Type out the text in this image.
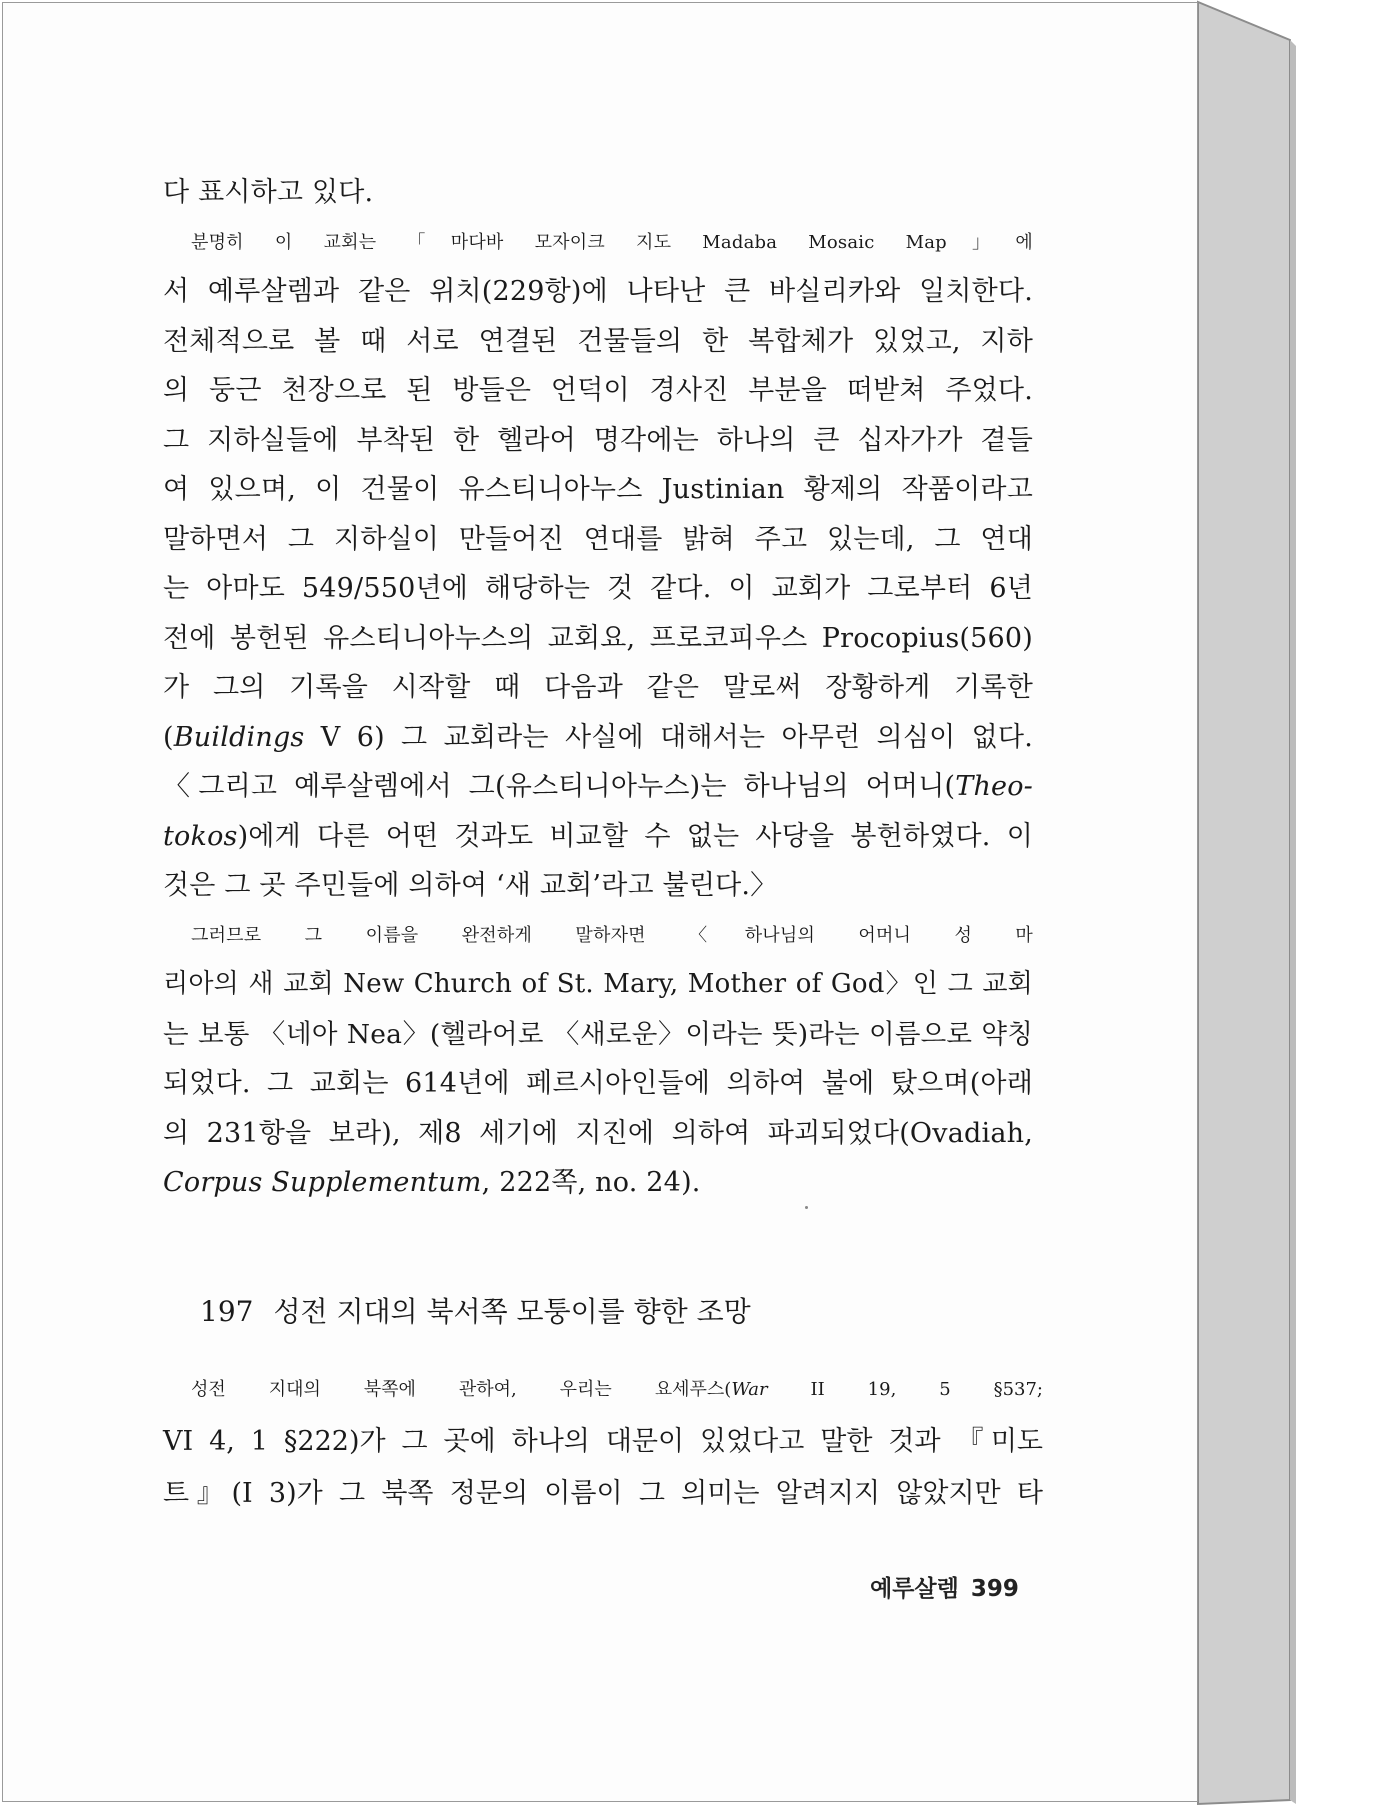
다 표시하고 있다.

분명히 이 교회는 「마다바 모자이크 지도 Madaba Mosaic Map」에
서 예루살렘과 같은 위치(229항)에 나타난 큰 바실리카와 일치한다.
전체적으로 볼 때 서로 연결된 건물들의 한 복합체가 있었고, 지하
의 둥근 천장으로 된 방들은 언덕이 경사진 부분을 떠받쳐 주었다.
그 지하실들에 부착된 한 헬라어 명각에는 하나의 큰 십자가가 곁들
여 있으며, 이 건물이 유스티니아누스 Justinian 황제의 작품이라고
말하면서 그 지하실이 만들어진 연대를 밝혀 주고 있는데, 그 연대
는 아마도 549/550년에 해당하는 것 같다. 이 교회가 그로부터 6년
전에 봉헌된 유스티니아누스의 교회요, 프로코피우스 Procopius(560)
가 그의 기록을 시작할 때 다음과 같은 말로써 장황하게 기록한
(Buildings V 6) 그 교회라는 사실에 대해서는 아무런 의심이 없다.
〈그리고 예루살렘에서 그(유스티니아누스)는 하나님의 어머니(Theo-
tokos)에게 다른 어떤 것과도 비교할 수 없는 사당을 봉헌하였다. 이
것은 그 곳 주민들에 의하여 ‘새 교회’라고 불린다.〉

그러므로 그 이름을 완전하게 말하자면 〈하나님의 어머니 성 마
리아의 새 교회 New Church of St. Mary, Mother of God〉인 그 교회
는 보통 〈네아 Nea〉(헬라어로 〈새로운〉이라는 뜻)라는 이름으로 약칭
되었다. 그 교회는 614년에 페르시아인들에 의하여 불에 탔으며(아래
의 231항을 보라), 제8 세기에 지진에 의하여 파괴되었다(Ovadiah,
Corpus Supplementum, 222쪽, no. 24).

197 성전 지대의 북서쪽 모퉁이를 향한 조망
성전 지대의 북쪽에 관하여, 우리는 요세푸스(War II 19, 5 §537;
VI 4, 1 §222)가 그 곳에 하나의 대문이 있었다고 말한 것과 『미도
트』(I 3)가 그 북쪽 정문의 이름이 그 의미는 알려지지 않았지만 타
예루살렘 399
